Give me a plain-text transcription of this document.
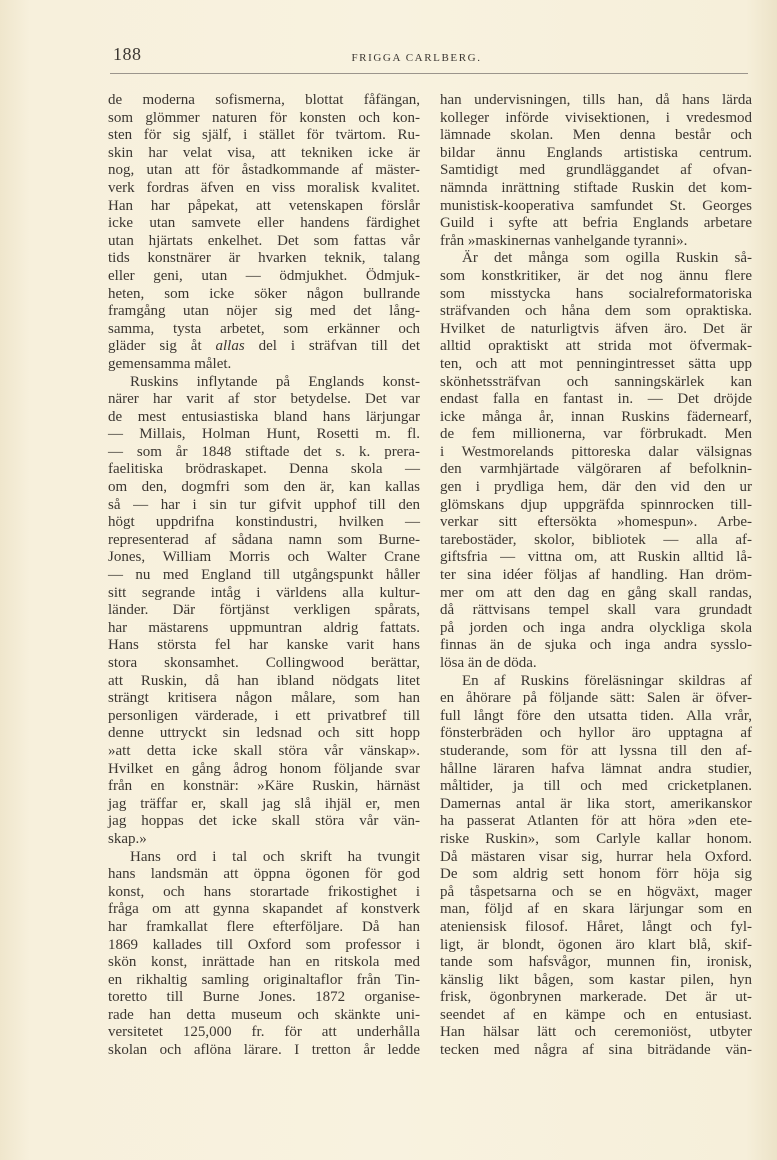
188	FRIGGA CARLBERG.
de moderna sofismerna, blottat fåfängan,
som glömmer naturen för konsten och kon-
sten för sig själf, i stället för tvärtom. Ru-
skin har velat visa, att tekniken icke är
nog, utan att för åstadkommande af mäster-
verk fordras äfven en viss moralisk kvalitet.
Han har påpekat, att vetenskapen förslår
icke utan samvete eller handens färdighet
utan hjärtats enkelhet. Det som fattas vår
tids konstnärer är hvarken teknik, talang
eller geni, utan — ödmjukhet. Ödmjuk-
heten, som icke söker någon bullrande
framgång utan nöjer sig med det lång-
samma, tysta arbetet, som erkänner och
gläder sig åt allas del i sträfvan till det
gemensamma målet.
Ruskins inflytande på Englands konst-
närer har varit af stor betydelse. Det var
de mest entusiastiska bland hans lärjungar
— Millais, Holman Hunt, Rosetti m. fl.
— som år 1848 stiftade det s. k. prera-
faelitiska brödraskapet. Denna skola —
om den, dogmfri som den är, kan kallas
så — har i sin tur gifvit upphof till den
högt uppdrifna konstindustri, hvilken —
representerad af sådana namn som Burne-
Jones, William Morris och Walter Crane
— nu med England till utgångspunkt håller
sitt segrande intåg i världens alla kultur-
länder. Där förtjänst verkligen spårats,
har mästarens uppmuntran aldrig fattats.
Hans största fel har kanske varit hans
stora skonsamhet. Collingwood berättar,
att Ruskin, då han ibland nödgats litet
strängt kritisera någon målare, som han
personligen värderade, i ett privatbref till
denne uttryckt sin ledsnad och sitt hopp
»att detta icke skall störa vår vänskap».
Hvilket en gång ådrog honom följande svar
från en konstnär: »Käre Ruskin, härnäst
jag träffar er, skall jag slå ihjäl er, men
jag hoppas det icke skall störa vår vän-
skap.»
Hans ord i tal och skrift ha tvungit
hans landsmän att öppna ögonen för god
konst, och hans storartade frikostighet i
fråga om att gynna skapandet af konstverk
har framkallat flere efterföljare. Då han
1869 kallades till Oxford som professor i
skön konst, inrättade han en ritskola med
en rikhaltig samling originaltaflor från Tin-
toretto till Burne Jones. 1872 organise-
rade han detta museum och skänkte uni-
versitetet 125,000 fr. för att underhålla
skolan och aflöna lärare. I tretton år ledde
han undervisningen, tills han, då hans lärda
kolleger införde vivisektionen, i vredesmod
lämnade skolan. Men denna består och
bildar ännu Englands artistiska centrum.
Samtidigt med grundläggandet af ofvan-
nämnda inrättning stiftade Ruskin det kom-
munistisk-kooperativa samfundet St. Georges
Guild i syfte att befria Englands arbetare
från »maskinernas vanhelgande tyranni».
Är det många som ogilla Ruskin så-
som konstkritiker, är det nog ännu flere
som misstycka hans socialreformatoriska
sträfvanden och håna dem som opraktiska.
Hvilket de naturligtvis äfven äro. Det är
alltid opraktiskt att strida mot öfvermak-
ten, och att mot penningintresset sätta upp
skönhetssträfvan och sanningskärlek kan
endast falla en fantast in. — Det dröjde
icke många år, innan Ruskins fädernearf,
de fem millionerna, var förbrukadt. Men
i Westmorelands pittoreska dalar välsignas
den varmhjärtade välgöraren af befolknin-
gen i prydliga hem, där den vid den ur
glömskans djup uppgräfda spinnrocken till-
verkar sitt eftersökta »homespun». Arbe-
tarebostäder, skolor, bibliotek — alla af-
giftsfria — vittna om, att Ruskin alltid lå-
ter sina idéer följas af handling. Han dröm-
mer om att den dag en gång skall randas,
då rättvisans tempel skall vara grundadt
på jorden och inga andra olyckliga skola
finnas än de sjuka och inga andra sysslo-
lösa än de döda.
En af Ruskins föreläsningar skildras af
en åhörare på följande sätt: Salen är öfver-
full långt före den utsatta tiden. Alla vrår,
fönsterbräden och hyllor äro upptagna af
studerande, som för att lyssna till den af-
hållne läraren hafva lämnat andra studier,
måltider, ja till och med cricketplanen.
Damernas antal är lika stort, amerikanskor
ha passerat Atlanten för att höra »den ete-
riske Ruskin», som Carlyle kallar honom.
Då mästaren visar sig, hurrar hela Oxford.
De som aldrig sett honom förr höja sig
på tåspetsarna och se en högväxt, mager
man, följd af en skara lärjungar som en
ateniensisk filosof. Håret, långt och fyl-
ligt, är blondt, ögonen äro klart blå, skif-
tande som hafsvågor, munnen fin, ironisk,
känslig likt bågen, som kastar pilen, hyn
frisk, ögonbrynen markerade. Det är ut-
seendet af en kämpe och en entusiast.
Han hälsar lätt och ceremoniöst, utbyter
tecken med några af sina biträdande vän-
